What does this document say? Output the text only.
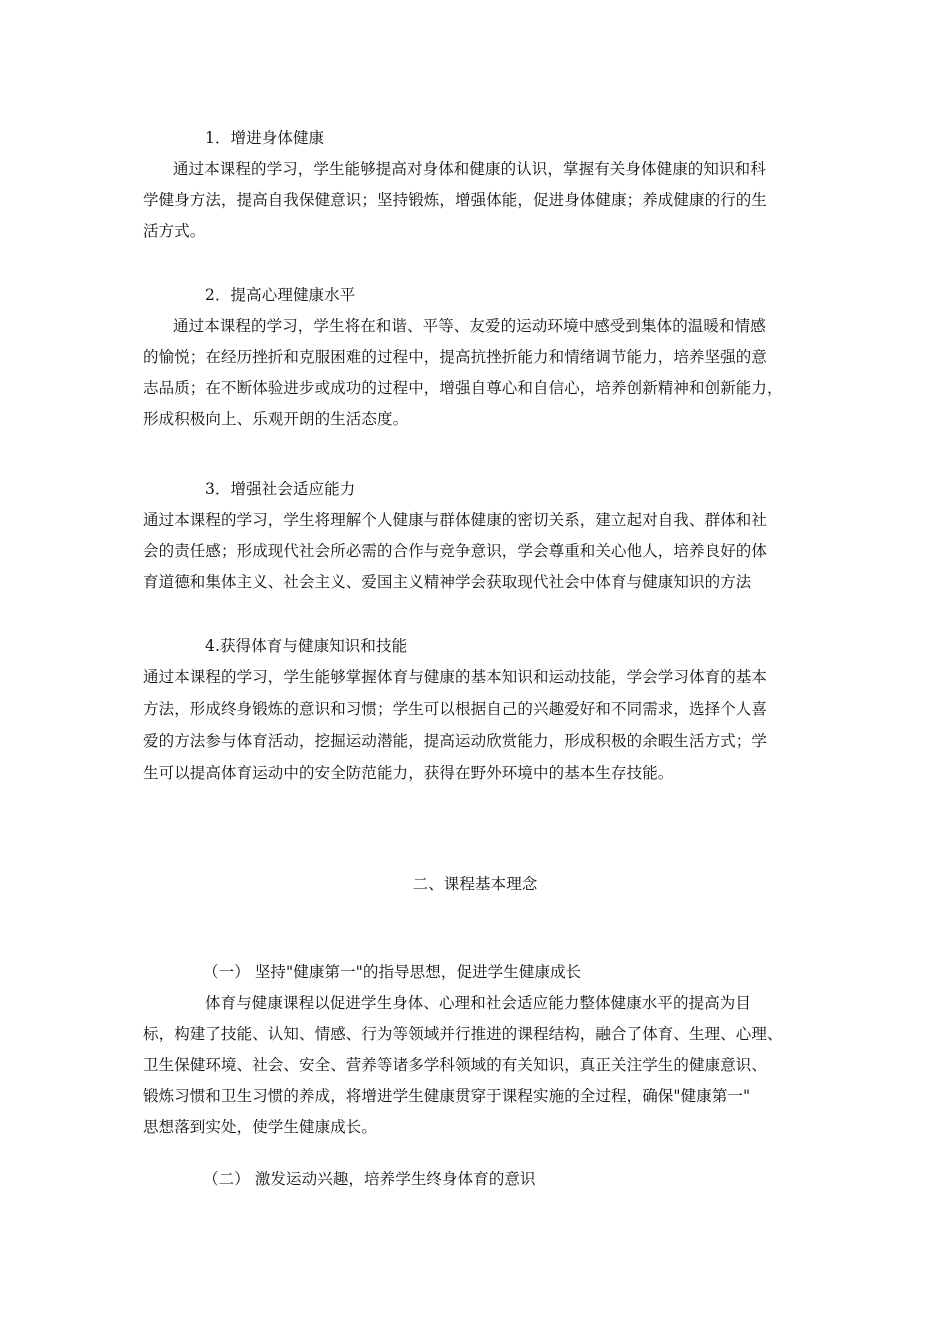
1．增进身体健康
通过本课程的学习，学生能够提高对身体和健康的认识，掌握有关身体健康的知识和科
学健身方法，提高自我保健意识；坚持锻炼，增强体能，促进身体健康；养成健康的行的生
活方式。
2．提高心理健康水平
通过本课程的学习，学生将在和谐、平等、友爱的运动环境中感受到集体的温暖和情感
的愉悦；在经历挫折和克服困难的过程中，提高抗挫折能力和情绪调节能力，培养坚强的意
志品质；在不断体验进步或成功的过程中，增强自尊心和自信心，培养创新精神和创新能力，
形成积极向上、乐观开朗的生活态度。
3．增强社会适应能力
通过本课程的学习，学生将理解个人健康与群体健康的密切关系，建立起对自我、群体和社
会的责任感；形成现代社会所必需的合作与竞争意识，学会尊重和关心他人，培养良好的体
育道德和集体主义、社会主义、爱国主义精神学会获取现代社会中体育与健康知识的方法
4.获得体育与健康知识和技能
通过本课程的学习，学生能够掌握体育与健康的基本知识和运动技能，学会学习体育的基本
方法，形成终身锻炼的意识和习惯；学生可以根据自己的兴趣爱好和不同需求，选择个人喜
爱的方法参与体育活动，挖掘运动潜能，提高运动欣赏能力，形成积极的余暇生活方式；学
生可以提高体育运动中的安全防范能力，获得在野外环境中的基本生存技能。
二、课程基本理念
（一） 坚持"健康第一"的指导思想，促进学生健康成长
体育与健康课程以促进学生身体、心理和社会适应能力整体健康水平的提高为目
标，构建了技能、认知、情感、行为等领域并行推进的课程结构，融合了体育、生理、心理、
卫生保健环境、社会、安全、营养等诸多学科领域的有关知识，真正关注学生的健康意识、
锻炼习惯和卫生习惯的养成，将增进学生健康贯穿于课程实施的全过程，确保"健康第一"
思想落到实处，使学生健康成长。
（二） 激发运动兴趣，培养学生终身体育的意识
